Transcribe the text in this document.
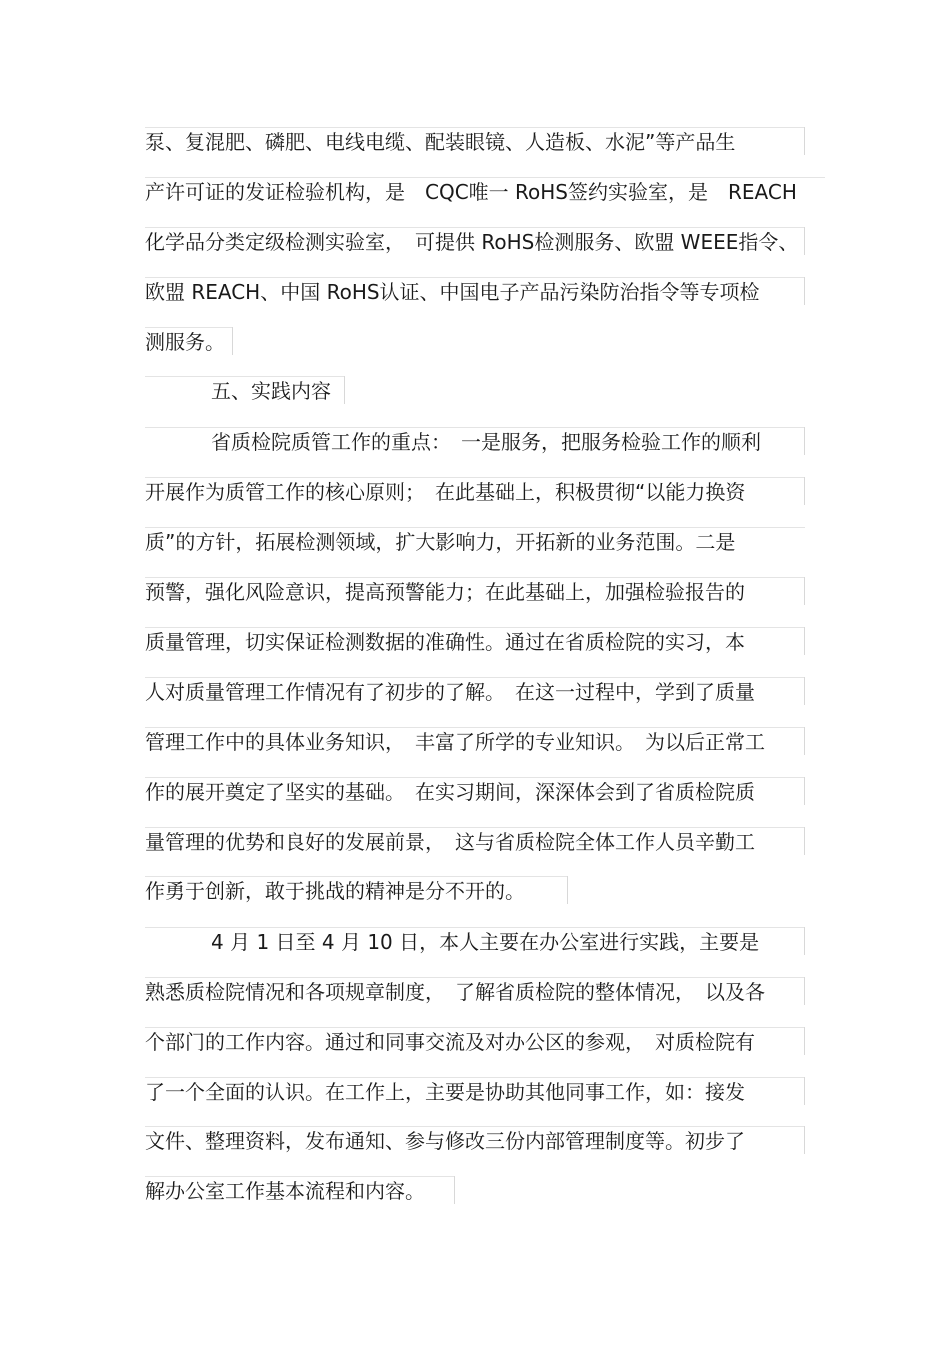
泵、复混肥、磷肥、电线电缆、配装眼镜、人造板、水泥”等产品生
产许可证的发证检验机构，是　CQC唯一 RoHS签约实验室，是　REACH
化学品分类定级检测实验室，　可提供 RoHS检测服务、欧盟 WEEE指令、
欧盟 REACH、中国 RoHS认证、中国电子产品污染防治指令等专项检
测服务。
五、实践内容
省质检院质管工作的重点：　一是服务，把服务检验工作的顺利
开展作为质管工作的核心原则；　在此基础上，积极贯彻“以能力换资
质”的方针，拓展检测领域，扩大影响力，开拓新的业务范围。二是
预警，强化风险意识，提高预警能力；在此基础上，加强检验报告的
质量管理，切实保证检测数据的准确性。通过在省质检院的实习，本
人对质量管理工作情况有了初步的了解。　在这一过程中，学到了质量
管理工作中的具体业务知识，　丰富了所学的专业知识。　为以后正常工
作的展开奠定了坚实的基础。　在实习期间，深深体会到了省质检院质
量管理的优势和良好的发展前景，　这与省质检院全体工作人员辛勤工
作勇于创新，敢于挑战的精神是分不开的。
4 月 1 日至 4 月 10 日，本人主要在办公室进行实践，主要是
熟悉质检院情况和各项规章制度，　了解省质检院的整体情况，　以及各
个部门的工作内容。通过和同事交流及对办公区的参观，　对质检院有
了一个全面的认识。在工作上，主要是协助其他同事工作，如：接发
文件、整理资料，发布通知、参与修改三份内部管理制度等。初步了
解办公室工作基本流程和内容。
